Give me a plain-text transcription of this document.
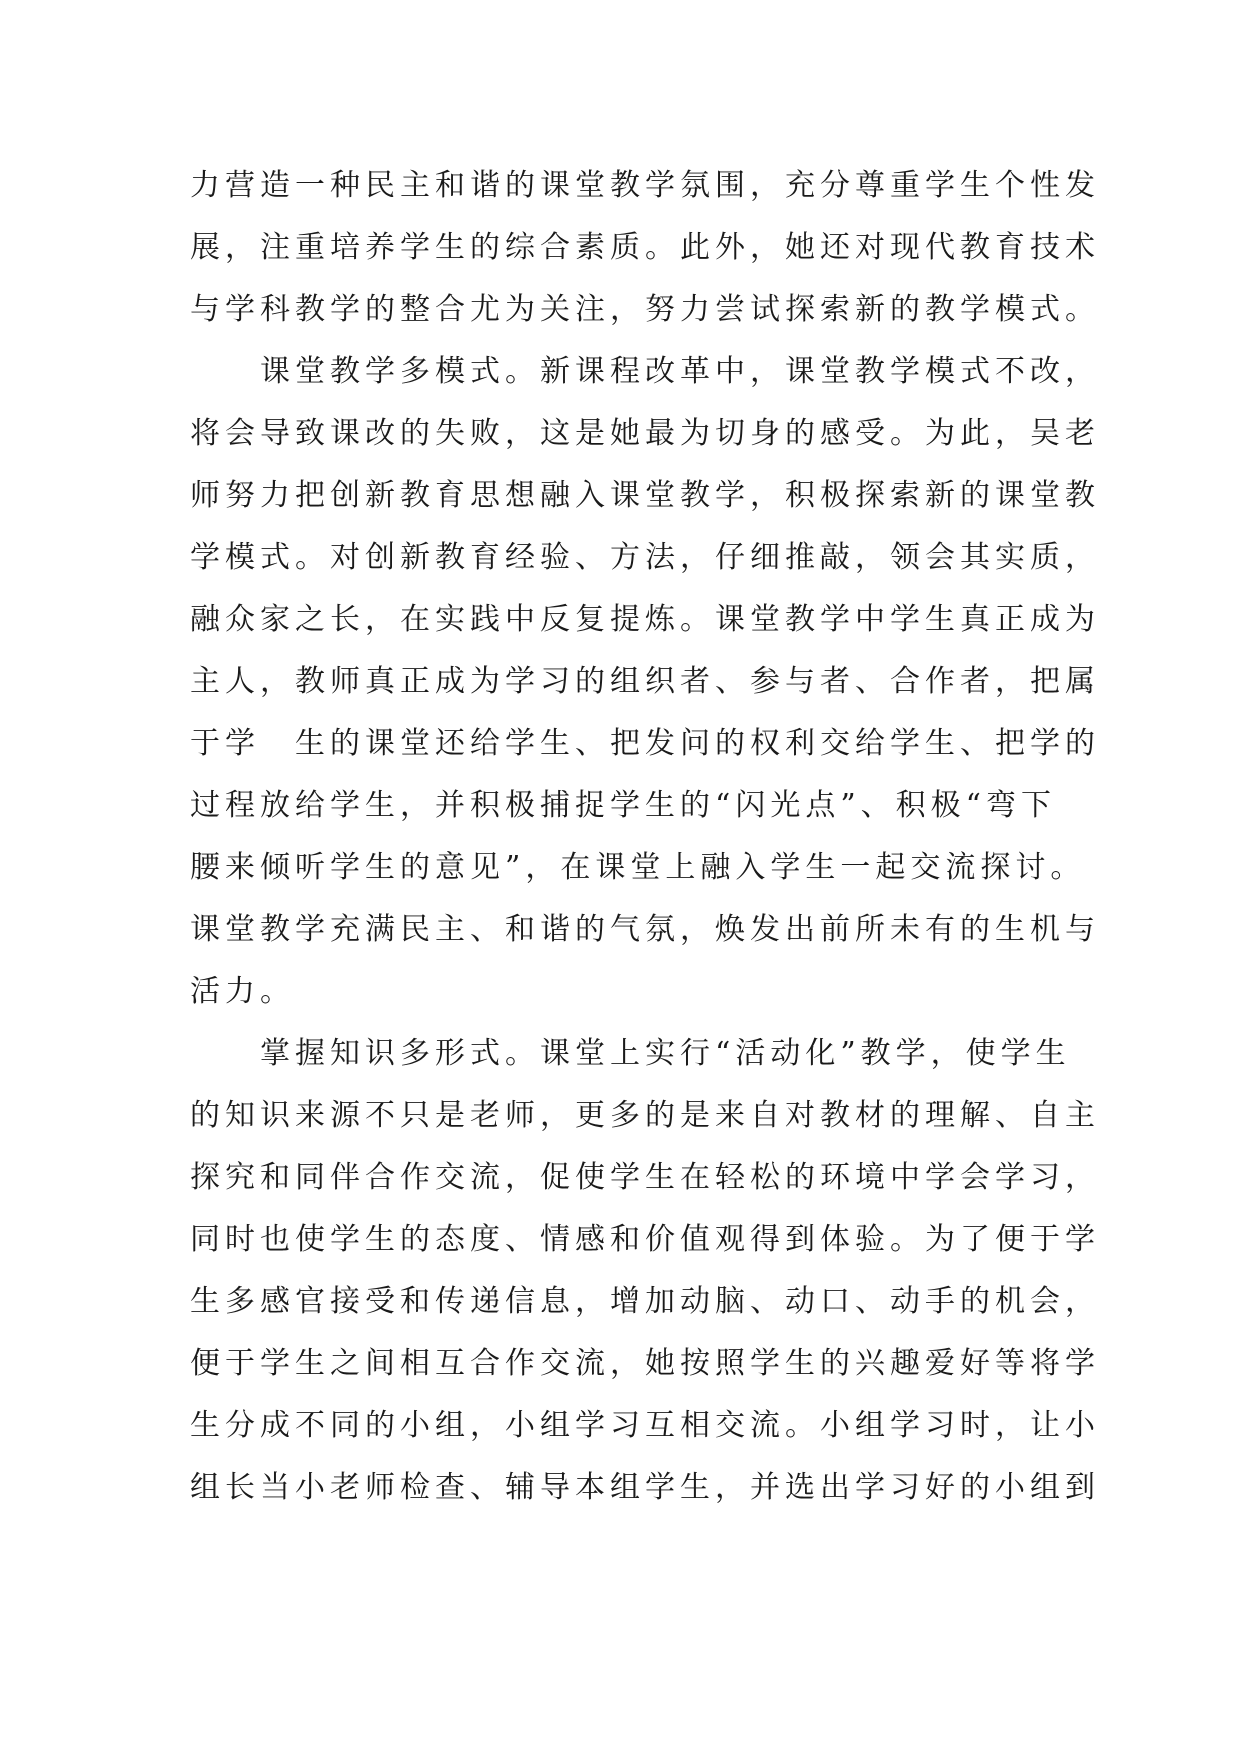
力营造一种民主和谐的课堂教学氛围，充分尊重学生个性发
展，注重培养学生的综合素质。此外，她还对现代教育技术
与学科教学的整合尤为关注，努力尝试探索新的教学模式。
课堂教学多模式。新课程改革中，课堂教学模式不改，
将会导致课改的失败，这是她最为切身的感受。为此，吴老
师努力把创新教育思想融入课堂教学，积极探索新的课堂教
学模式。对创新教育经验、方法，仔细推敲，领会其实质，
融众家之长，在实践中反复提炼。课堂教学中学生真正成为
主人，教师真正成为学习的组织者、参与者、合作者，把属
于学　生的课堂还给学生、把发问的权利交给学生、把学的
过程放给学生，并积极捕捉学生的“闪光点”、积极“弯下
腰来倾听学生的意见”，在课堂上融入学生一起交流探讨。
课堂教学充满民主、和谐的气氛，焕发出前所未有的生机与
活力。
掌握知识多形式。课堂上实行“活动化”教学，使学生
的知识来源不只是老师，更多的是来自对教材的理解、自主
探究和同伴合作交流，促使学生在轻松的环境中学会学习，
同时也使学生的态度、情感和价值观得到体验。为了便于学
生多感官接受和传递信息，增加动脑、动口、动手的机会，
便于学生之间相互合作交流，她按照学生的兴趣爱好等将学
生分成不同的小组，小组学习互相交流。小组学习时，让小
组长当小老师检查、辅导本组学生，并选出学习好的小组到
